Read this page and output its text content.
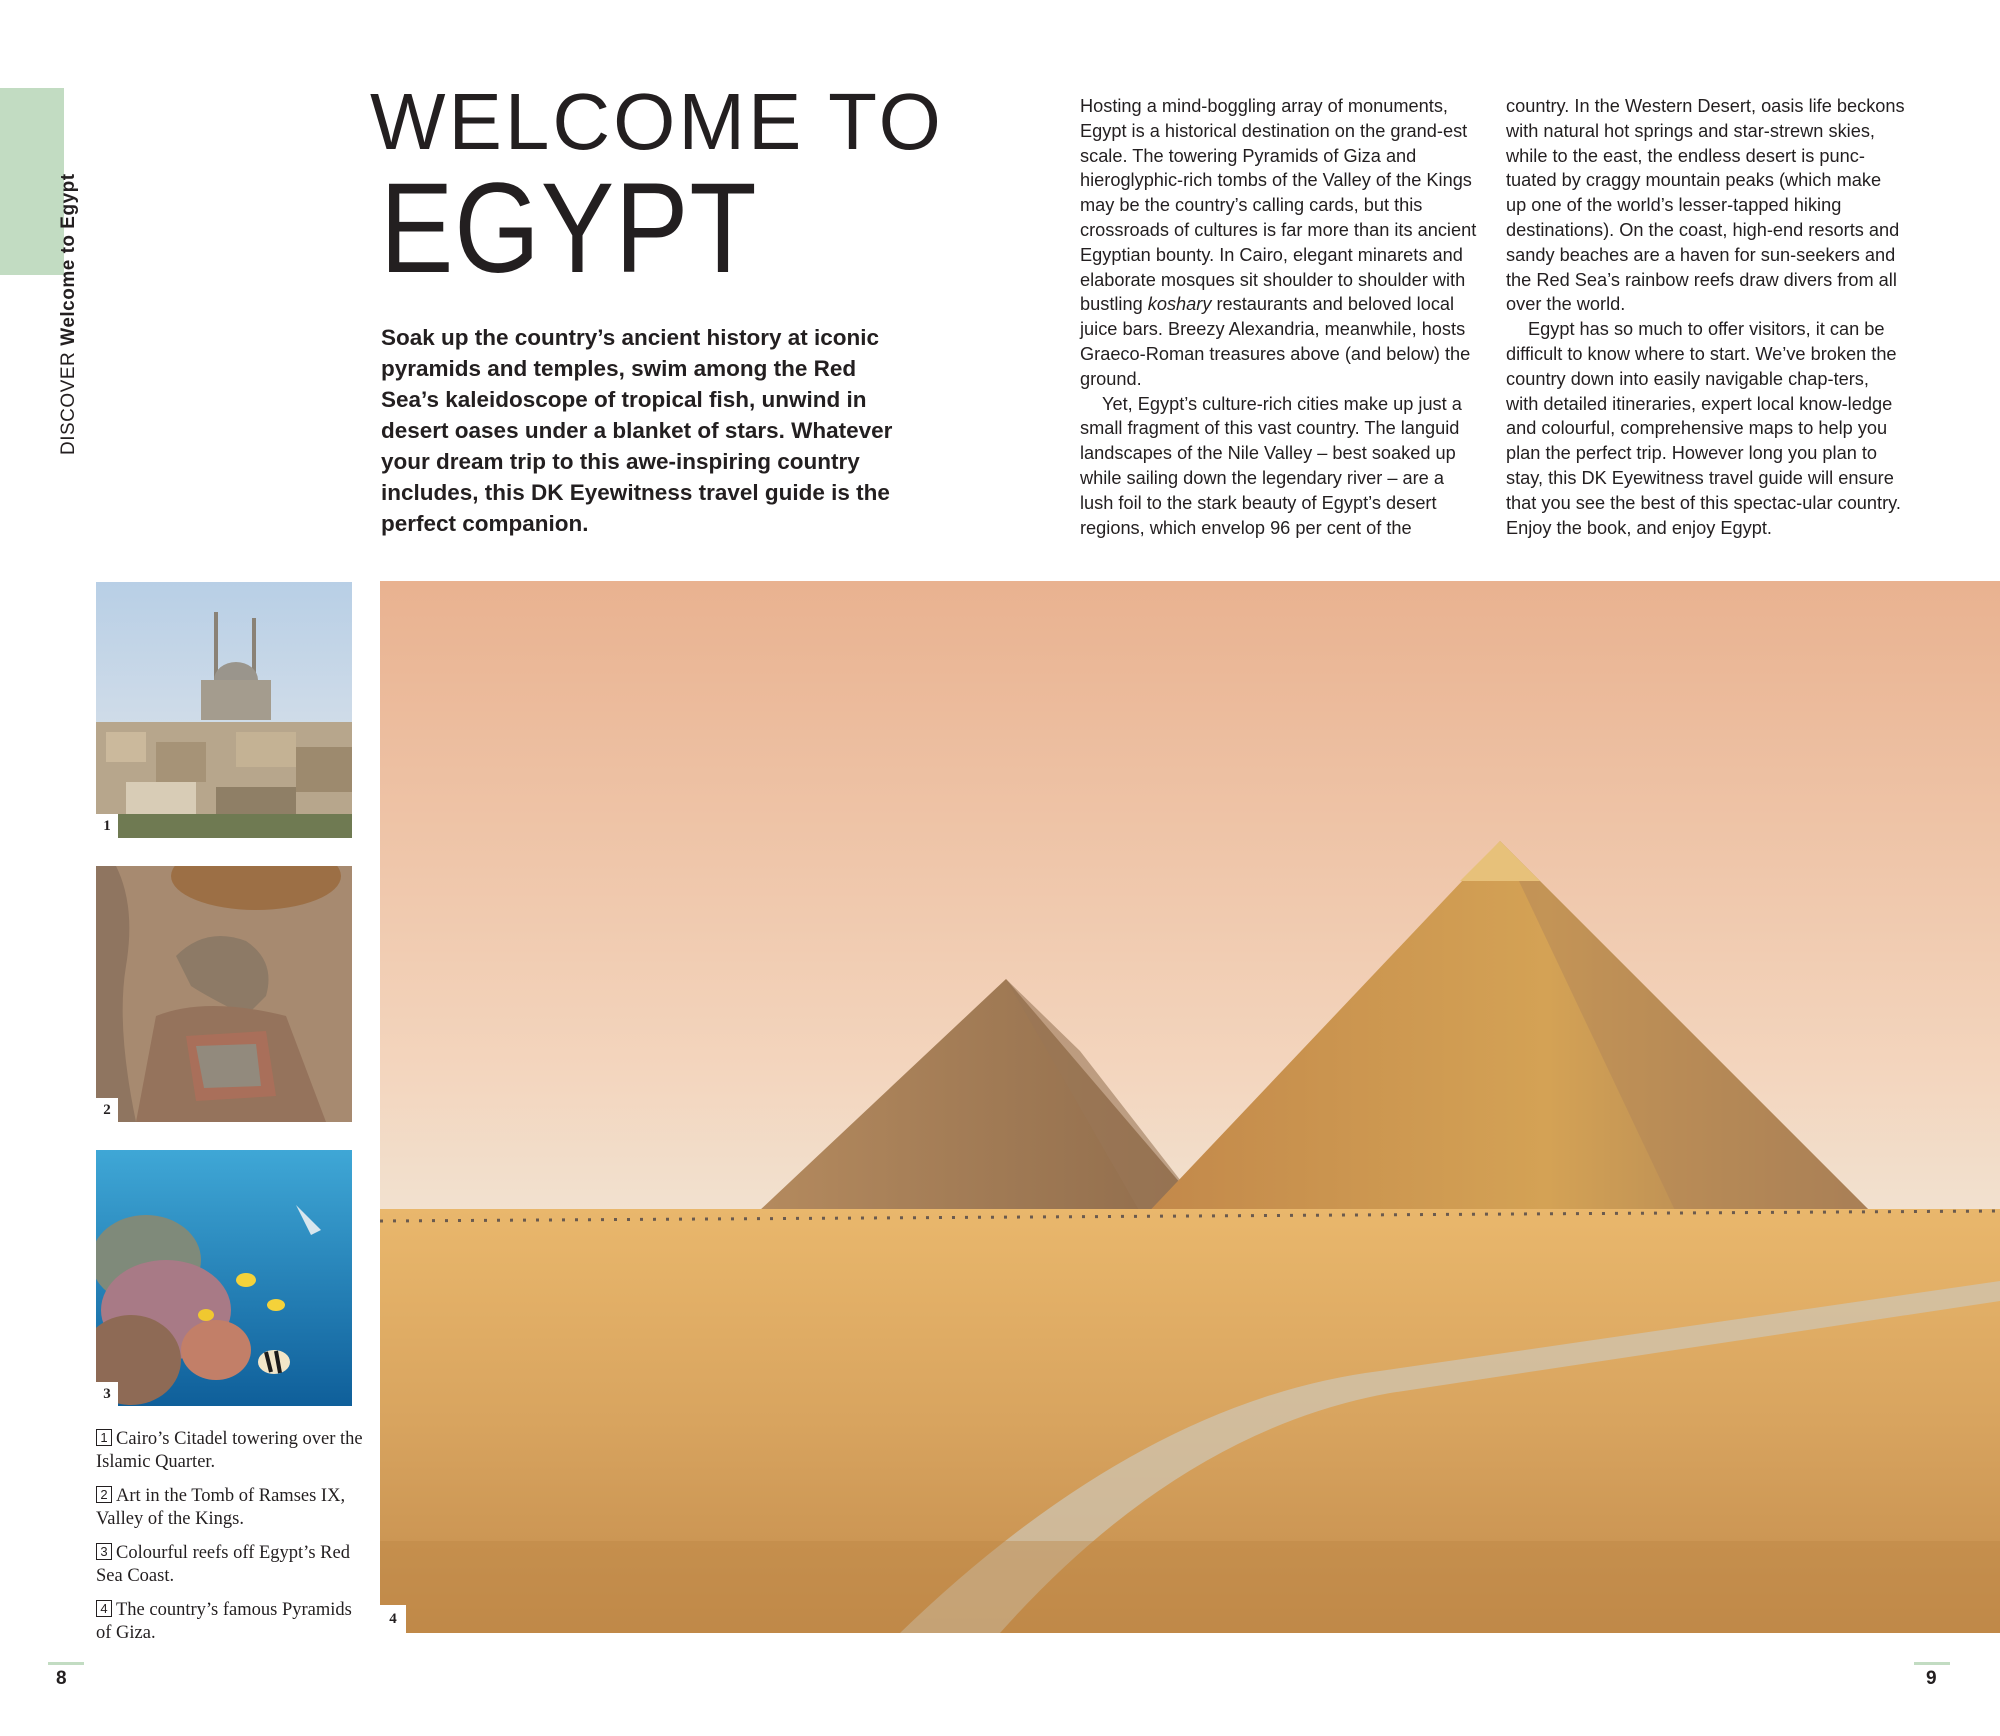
DISCOVERWelcome to Egypt
WELCOME TO
EGYPT

Soak up the country’s ancient history at iconic pyramids and temples, swim among the Red Sea’s kaleidoscope of tropical fish, unwind in desert oases under a blanket of stars. Whatever your dream trip to this awe-inspiring country includes, this DK Eyewitness travel guide is the perfect companion.

Hosting a mind-boggling array of monuments, Egypt is a historical destination on the grand-est scale. The towering Pyramids of Giza and hieroglyphic-rich tombs of the Valley of the Kings may be the country’s calling cards, but this crossroads of cultures is far more than its ancient Egyptian bounty. In Cairo, elegant minarets and elaborate mosques sit shoulder to shoulder with bustling koshary restaurants and beloved local juice bars. Breezy Alexandria, meanwhile, hosts Graeco-Roman treasures above (and below) the ground.

Yet, Egypt’s culture-rich cities make up just a small fragment of this vast country. The languid landscapes of the Nile Valley – best soaked up while sailing down the legendary river – are a lush foil to the stark beauty of Egypt’s desert regions, which envelop 96 per cent of the country. In the Western Desert, oasis life beckons with natural hot springs and star-strewn skies, while to the east, the endless desert is punc-tuated by craggy mountain peaks (which make up one of the world’s lesser-tapped hiking destinations). On the coast, high-end resorts and sandy beaches are a haven for sun-seekers and the Red Sea’s rainbow reefs draw divers from all over the world.

Egypt has so much to offer visitors, it can be difficult to know where to start. We’ve broken the country down into easily navigable chap-ters, with detailed itineraries, expert local know-ledge and colourful, comprehensive maps to help you plan the perfect trip. However long you plan to stay, this DK Eyewitness travel guide will ensure that you see the best of this spectac-ular country. Enjoy the book, and enjoy Egypt.

1
2
3
4

1 Cairo’s Citadel towering over the Islamic Quarter.

2 Art in the Tomb of Ramses IX, Valley of the Kings.

3 Colourful reefs off Egypt’s Red Sea Coast.

4 The country’s famous Pyramids of Giza.

8	9
